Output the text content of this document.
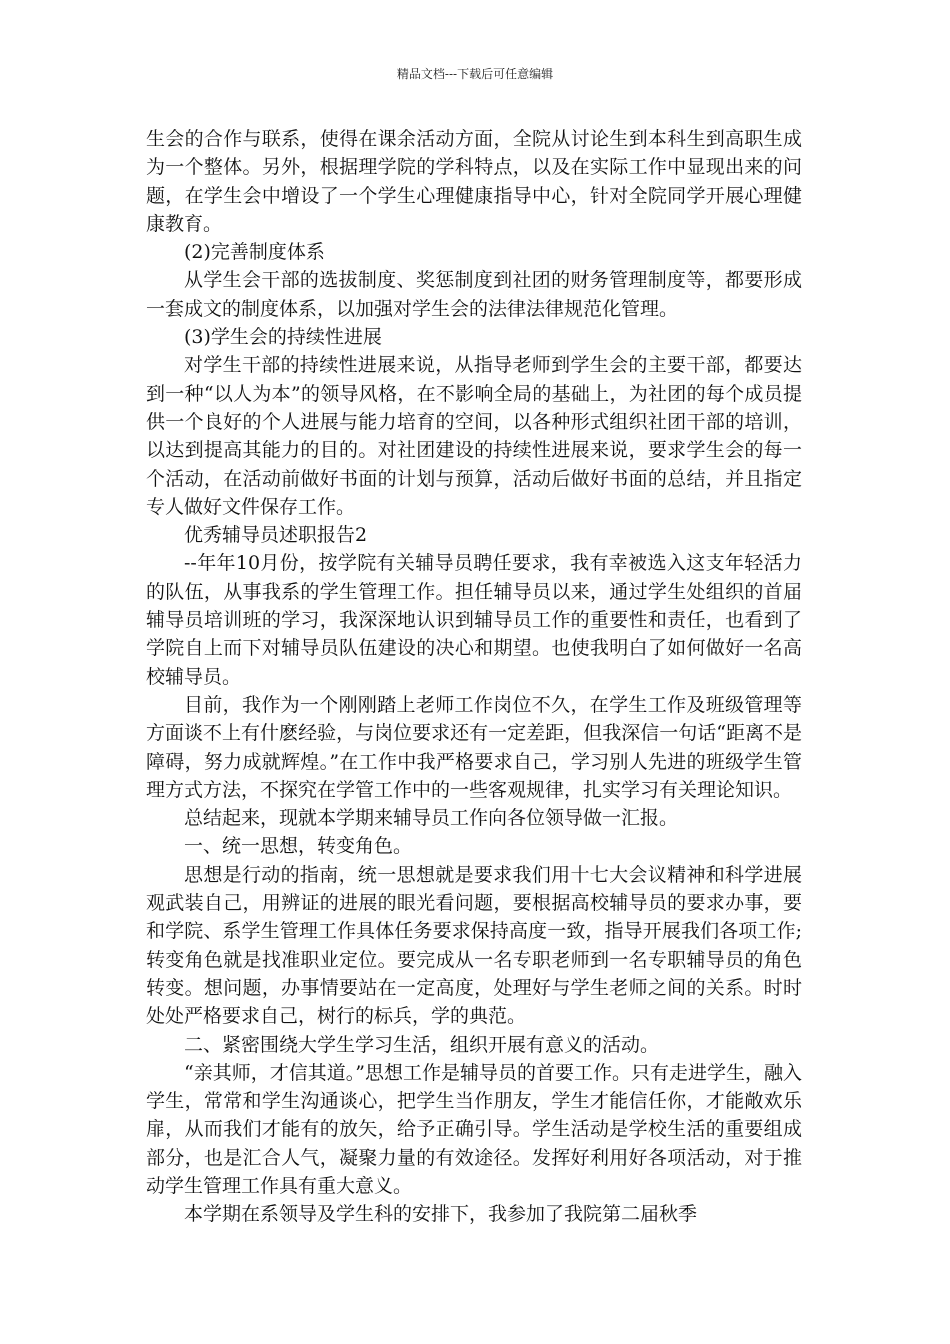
精品文档---下载后可任意编辑

生会的合作与联系，使得在课余活动方面，全院从讨论生到本科生到高职生成为一个整体。另外，根据理学院的学科特点，以及在实际工作中显现出来的问题，在学生会中增设了一个学生心理健康指导中心，针对全院同学开展心理健康教育。

(2)完善制度体系

从学生会干部的选拔制度、奖惩制度到社团的财务管理制度等，都要形成一套成文的制度体系，以加强对学生会的法律法律规范化管理。

(3)学生会的持续性进展

对学生干部的持续性进展来说，从指导老师到学生会的主要干部，都要达到一种“以人为本”的领导风格，在不影响全局的基础上，为社团的每个成员提供一个良好的个人进展与能力培育的空间，以各种形式组织社团干部的培训，以达到提高其能力的目的。对社团建设的持续性进展来说，要求学生会的每一个活动，在活动前做好书面的计划与预算，活动后做好书面的总结，并且指定专人做好文件保存工作。

优秀辅导员述职报告2

--年年10月份，按学院有关辅导员聘任要求，我有幸被选入这支年轻活力的队伍，从事我系的学生管理工作。担任辅导员以来，通过学生处组织的首届辅导员培训班的学习，我深深地认识到辅导员工作的重要性和责任，也看到了学院自上而下对辅导员队伍建设的决心和期望。也使我明白了如何做好一名高校辅导员。

目前，我作为一个刚刚踏上老师工作岗位不久，在学生工作及班级管理等方面谈不上有什麽经验，与岗位要求还有一定差距，但我深信一句话“距离不是障碍，努力成就辉煌。”在工作中我严格要求自己，学习别人先进的班级学生管理方式方法，不探究在学管工作中的一些客观规律，扎实学习有关理论知识。

总结起来，现就本学期来辅导员工作向各位领导做一汇报。

一、统一思想，转变角色。

思想是行动的指南，统一思想就是要求我们用十七大会议精神和科学进展观武装自己，用辨证的进展的眼光看问题，要根据高校辅导员的要求办事，要和学院、系学生管理工作具体任务要求保持高度一致，指导开展我们各项工作;转变角色就是找准职业定位。要完成从一名专职老师到一名专职辅导员的角色转变。想问题，办事情要站在一定高度，处理好与学生老师之间的关系。时时处处严格要求自己，树行的标兵，学的典范。

二、紧密围绕大学生学习生活，组织开展有意义的活动。

“亲其师，才信其道。”思想工作是辅导员的首要工作。只有走进学生，融入学生，常常和学生沟通谈心，把学生当作朋友，学生才能信任你，才能敞欢乐扉，从而我们才能有的放矢，给予正确引导。学生活动是学校生活的重要组成部分，也是汇合人气，凝聚力量的有效途径。发挥好利用好各项活动，对于推动学生管理工作具有重大意义。

本学期在系领导及学生科的安排下，我参加了我院第二届秋季
